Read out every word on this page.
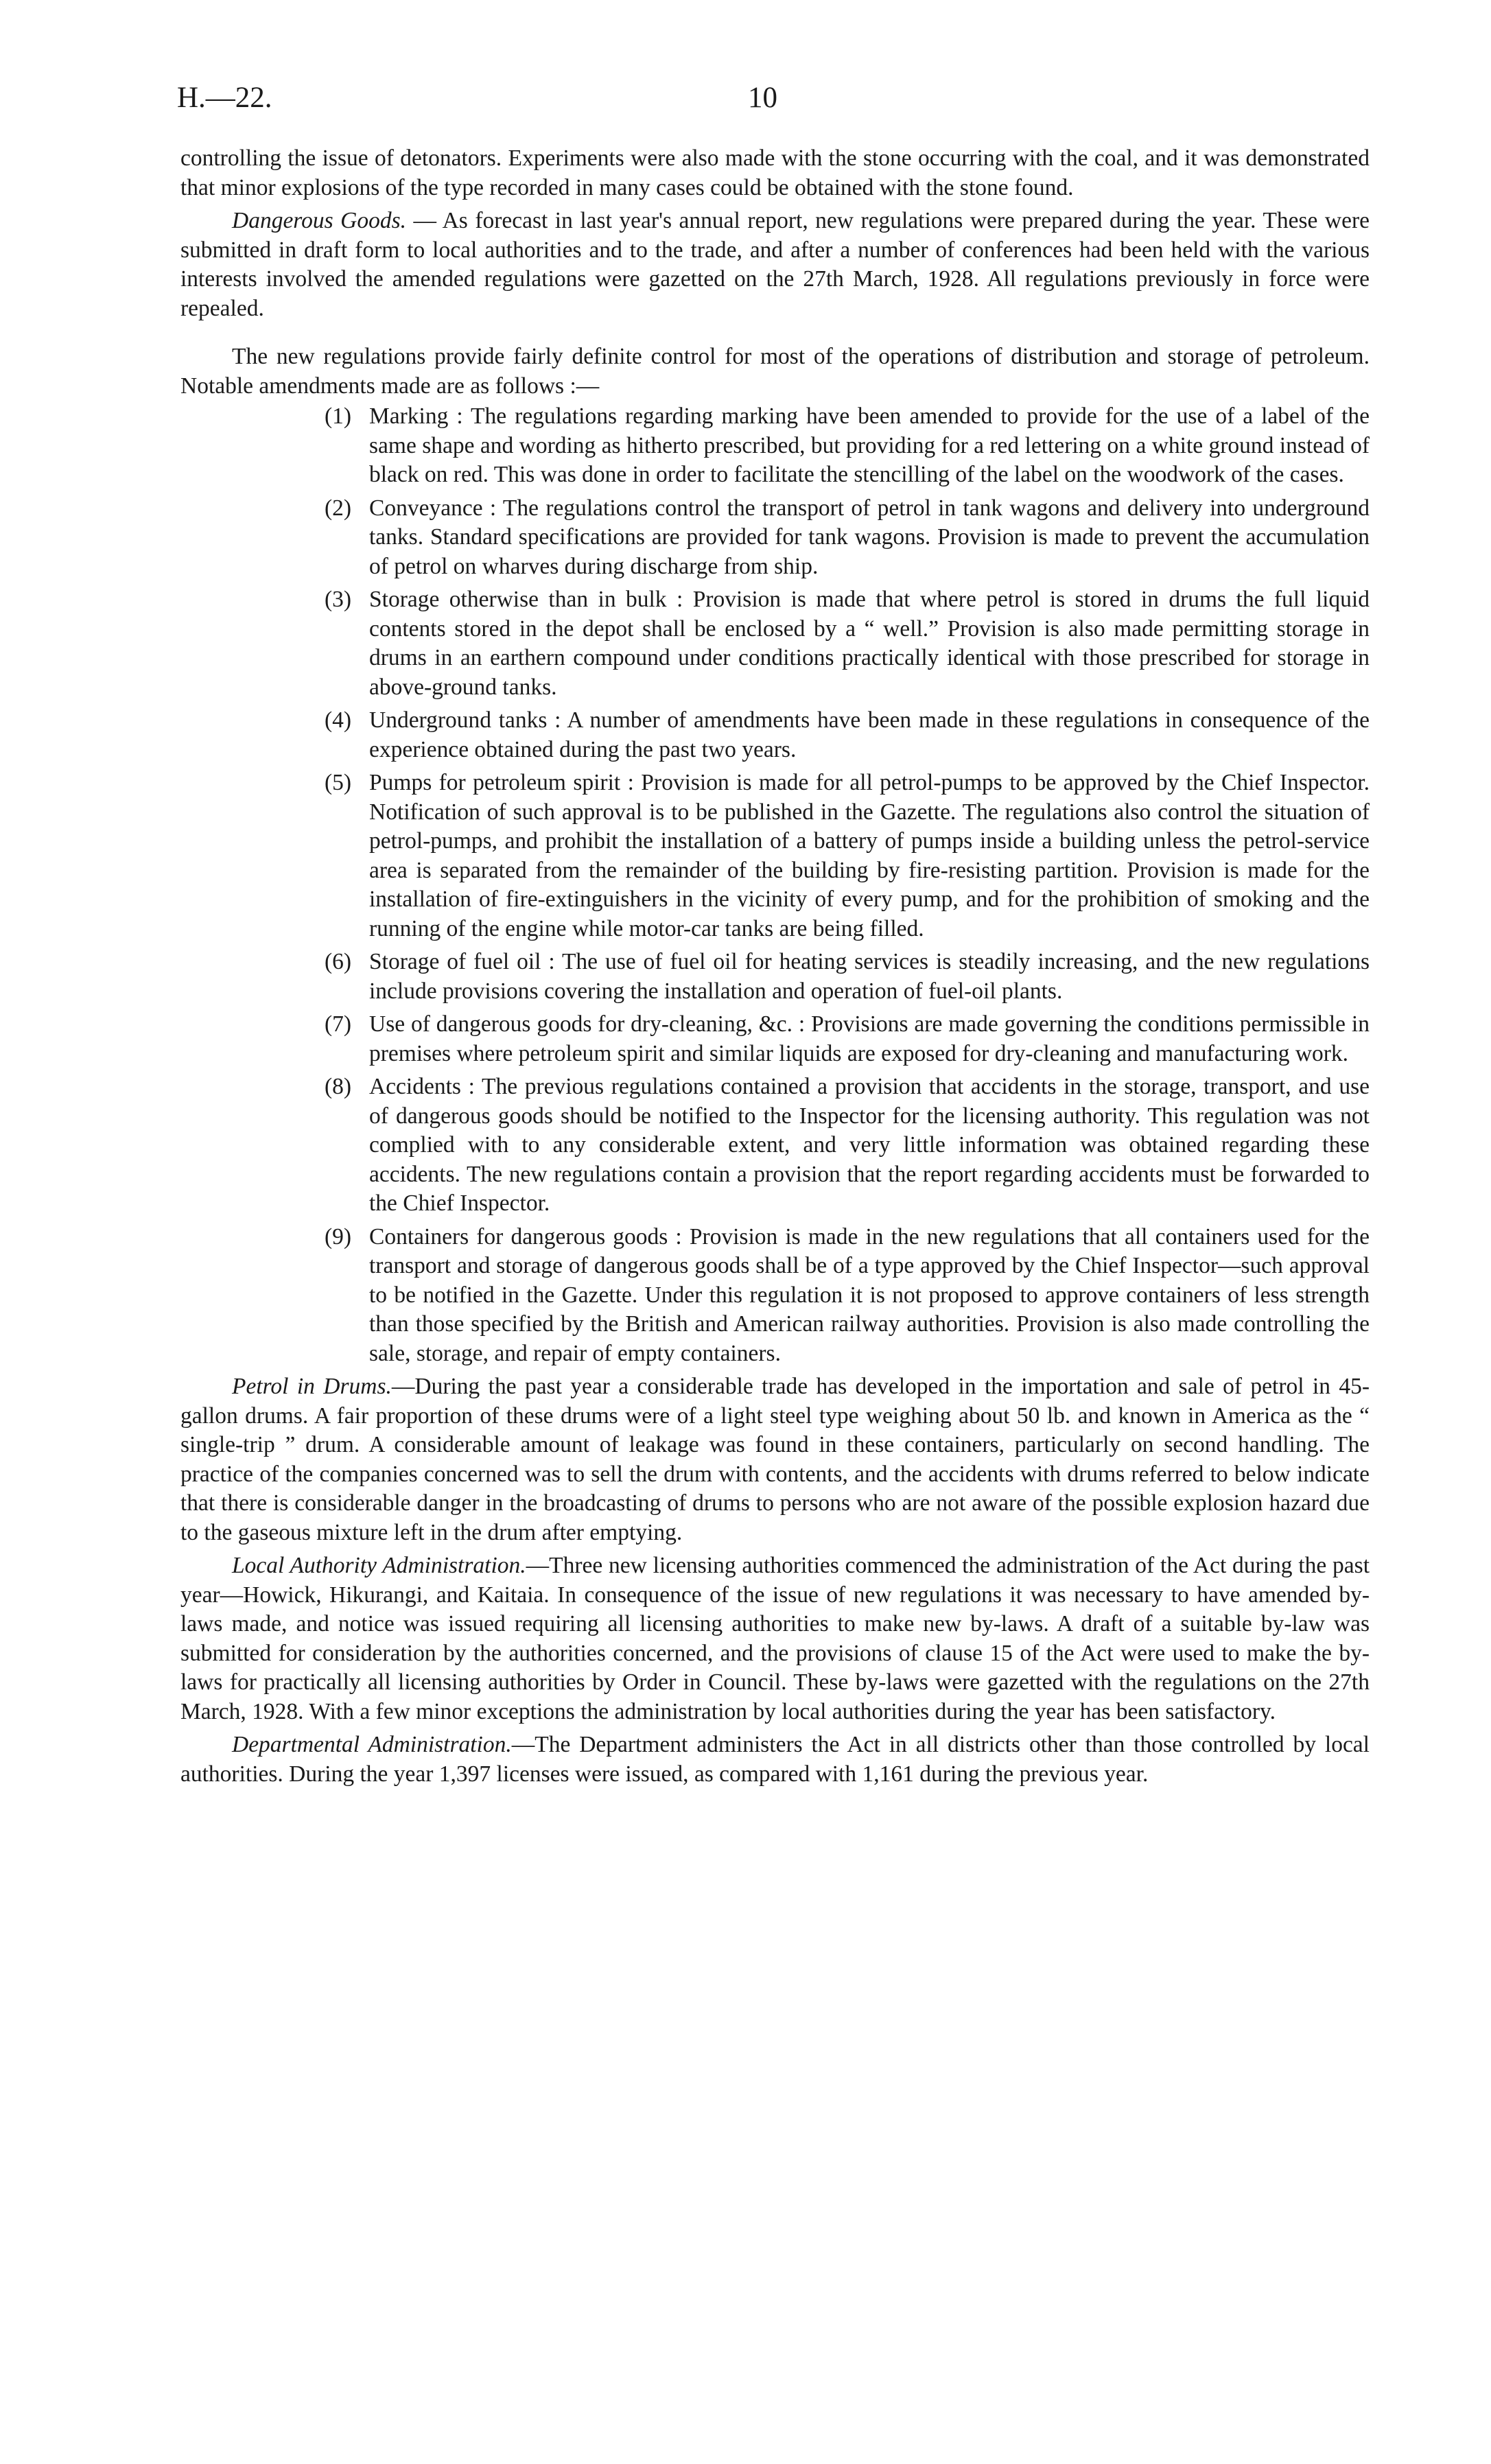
H.—22.	10

controlling the issue of detonators. Experiments were also made with the stone occurring with the coal, and it was demonstrated that minor explosions of the type recorded in many cases could be obtained with the stone found.

Dangerous Goods. — As forecast in last year's annual report, new regulations were prepared during the year. These were submitted in draft form to local authorities and to the trade, and after a number of conferences had been held with the various interests involved the amended regulations were gazetted on the 27th March, 1928. All regulations previously in force were repealed.

The new regulations provide fairly definite control for most of the operations of distribution and storage of petroleum. Notable amendments made are as follows :—

(1) Marking : The regulations regarding marking have been amended to provide for the use of a label of the same shape and wording as hitherto prescribed, but providing for a red lettering on a white ground instead of black on red. This was done in order to facilitate the stencilling of the label on the woodwork of the cases.
(2) Conveyance : The regulations control the transport of petrol in tank wagons and delivery into underground tanks. Standard specifications are provided for tank wagons. Provision is made to prevent the accumulation of petrol on wharves during discharge from ship.
(3) Storage otherwise than in bulk : Provision is made that where petrol is stored in drums the full liquid contents stored in the depot shall be enclosed by a “ well.” Provision is also made permitting storage in drums in an earthern compound under conditions practically identical with those prescribed for storage in above-ground tanks.
(4) Underground tanks : A number of amendments have been made in these regulations in consequence of the experience obtained during the past two years.
(5) Pumps for petroleum spirit : Provision is made for all petrol-pumps to be approved by the Chief Inspector. Notification of such approval is to be published in the Gazette. The regulations also control the situation of petrol-pumps, and prohibit the installation of a battery of pumps inside a building unless the petrol-service area is separated from the remainder of the building by fire-resisting partition. Provision is made for the installation of fire-extinguishers in the vicinity of every pump, and for the prohibition of smoking and the running of the engine while motor-car tanks are being filled.
(6) Storage of fuel oil : The use of fuel oil for heating services is steadily increasing, and the new regulations include provisions covering the installation and operation of fuel-oil plants.
(7) Use of dangerous goods for dry-cleaning, &c. : Provisions are made governing the conditions permissible in premises where petroleum spirit and similar liquids are exposed for dry-cleaning and manufacturing work.
(8) Accidents : The previous regulations contained a provision that accidents in the storage, transport, and use of dangerous goods should be notified to the Inspector for the licensing authority. This regulation was not complied with to any considerable extent, and very little information was obtained regarding these accidents. The new regulations contain a provision that the report regarding accidents must be forwarded to the Chief Inspector.
(9) Containers for dangerous goods : Provision is made in the new regulations that all containers used for the transport and storage of dangerous goods shall be of a type approved by the Chief Inspector—such approval to be notified in the Gazette. Under this regulation it is not proposed to approve containers of less strength than those specified by the British and American railway authorities. Provision is also made controlling the sale, storage, and repair of empty containers.

Petrol in Drums.—During the past year a considerable trade has developed in the importation and sale of petrol in 45-gallon drums. A fair proportion of these drums were of a light steel type weighing about 50 lb. and known in America as the “ single-trip ” drum. A considerable amount of leakage was found in these containers, particularly on second handling. The practice of the companies concerned was to sell the drum with contents, and the accidents with drums referred to below indicate that there is considerable danger in the broadcasting of drums to persons who are not aware of the possible explosion hazard due to the gaseous mixture left in the drum after emptying.

Local Authority Administration.—Three new licensing authorities commenced the administration of the Act during the past year—Howick, Hikurangi, and Kaitaia. In consequence of the issue of new regulations it was necessary to have amended by-laws made, and notice was issued requiring all licensing authorities to make new by-laws. A draft of a suitable by-law was submitted for consideration by the authorities concerned, and the provisions of clause 15 of the Act were used to make the by-laws for practically all licensing authorities by Order in Council. These by-laws were gazetted with the regulations on the 27th March, 1928. With a few minor exceptions the administration by local authorities during the year has been satisfactory.

Departmental Administration.—The Department administers the Act in all districts other than those controlled by local authorities. During the year 1,397 licenses were issued, as compared with 1,161 during the previous year.
